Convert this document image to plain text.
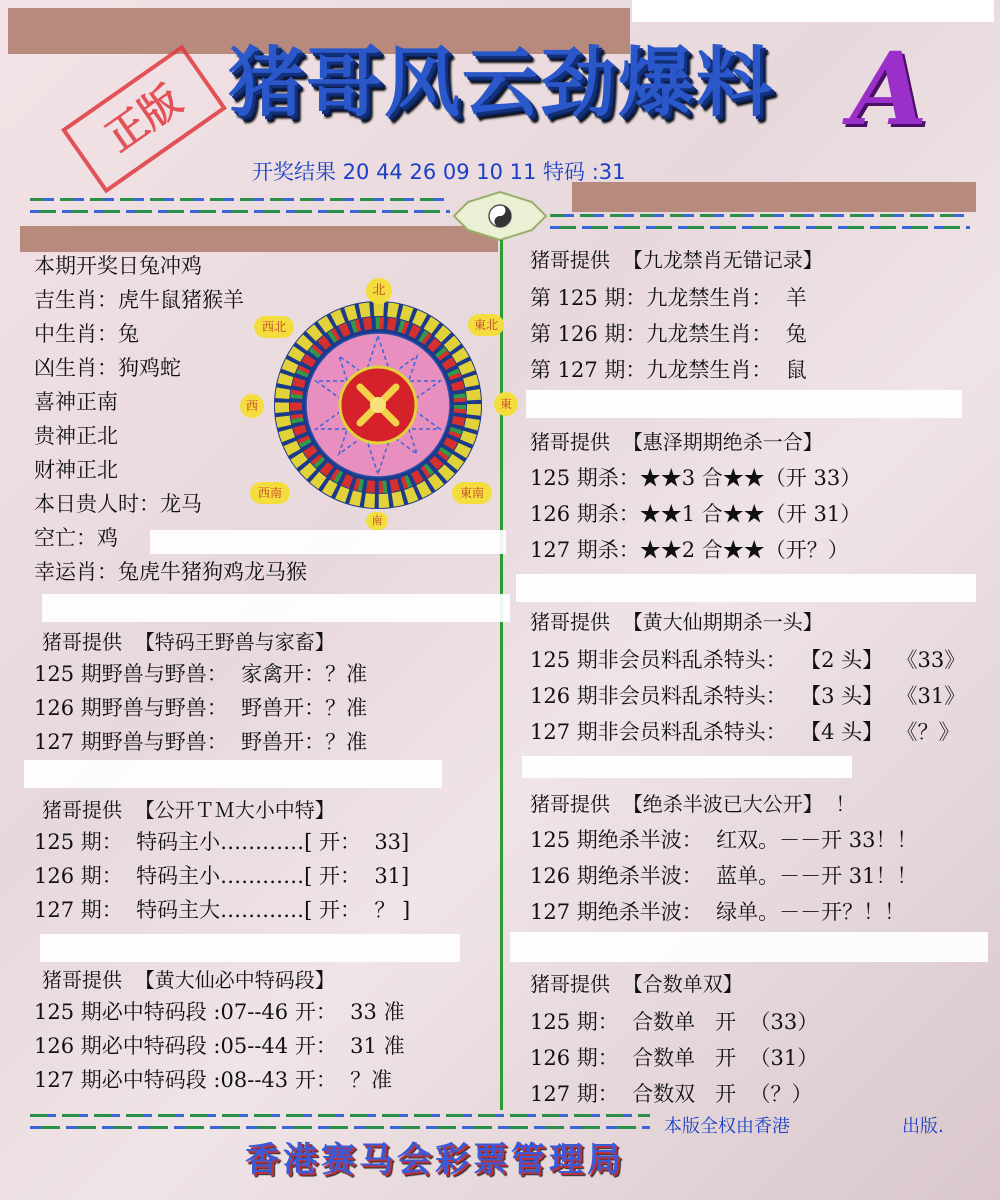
正版 猪哥风云劲爆料 A
开奖结果 20 44 26 09 10 11 特码 :31
本期开奖日兔冲鸡
吉生肖：虎牛鼠猪猴羊
中生肖：兔
凶生肖：狗鸡蛇
喜神正南
贵神正北
财神正北
本日贵人时：龙马
空亡：鸡
幸运肖：兔虎牛猪狗鸡龙马猴
北
東北
東
東南
南
西南
西
西北
猪哥提供  【特码王野兽与家畜】
125 期野兽与野兽：  家禽开：？准
126 期野兽与野兽：  野兽开：？准
127 期野兽与野兽：  野兽开：？准
猪哥提供  【公开ＴＭ大小中特】
125 期：  特码主小…………[ 开：  33]
126 期：  特码主小…………[ 开：  31]
127 期：  特码主大…………[ 开：  ？ ]
猪哥提供  【黄大仙必中特码段】
125 期必中特码段 :07--46 开：  33 准
126 期必中特码段 :05--44 开：  31 准
127 期必中特码段 :08--43 开：  ？准
猪哥提供  【九龙禁肖无错记录】
第 125 期：九龙禁生肖：  羊
第 126 期：九龙禁生肖：  兔
第 127 期：九龙禁生肖：  鼠
猪哥提供  【惠泽期期绝杀一合】
125 期杀：★★3 合★★（开 33）
126 期杀：★★1 合★★（开 31）
127 期杀：★★2 合★★（开？）
猪哥提供  【黄大仙期期杀一头】
125 期非会员料乱杀特头：  【2 头】  《33》
126 期非会员料乱杀特头：  【3 头】  《31》
127 期非会员料乱杀特头：  【4 头】  《？》
猪哥提供  【绝杀半波已大公开】  ！
125 期绝杀半波：  红双。－－开 33！！
126 期绝杀半波：  蓝单。－－开 31！！
127 期绝杀半波：  绿单。－－开？！！
猪哥提供  【合数单双】
125 期：  合数单   开  （33）
126 期：  合数单   开  （31）
127 期：  合数双   开  （？）
本版全权由香港	出版.
香港赛马会彩票管理局
